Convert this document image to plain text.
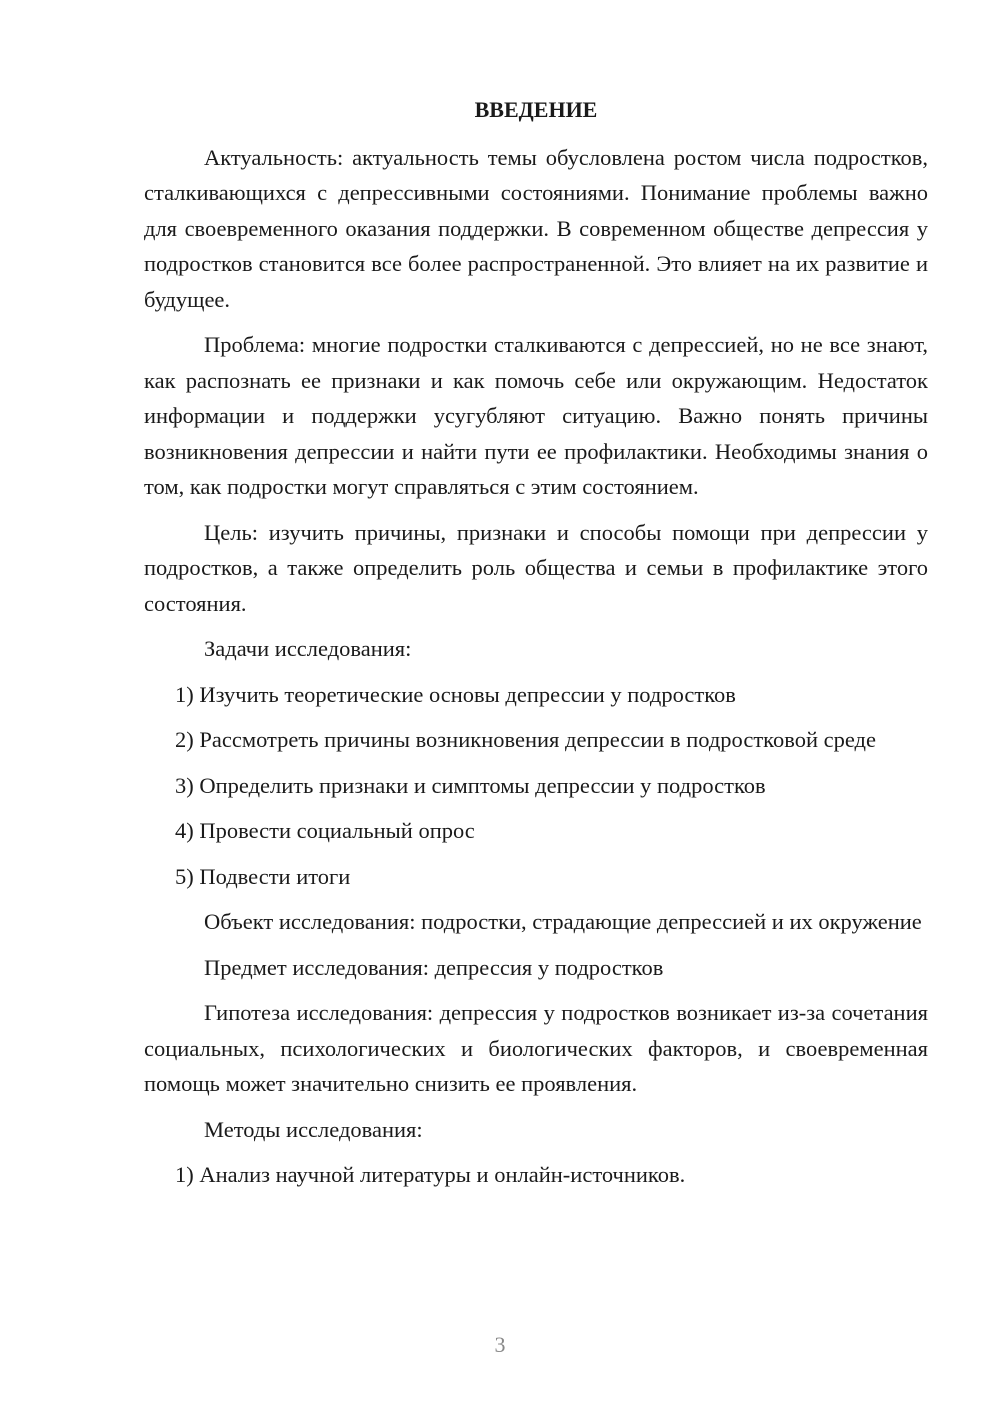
ВВЕДЕНИЕ

Актуальность: актуальность темы обусловлена ростом числа подростков, сталкивающихся с депрессивными состояниями. Понимание проблемы важно для своевременного оказания поддержки. В современном обществе депрессия у подростков становится все более распространенной. Это влияет на их развитие и будущее.

Проблема: многие подростки сталкиваются с депрессией, но не все знают, как распознать ее признаки и как помочь себе или окружающим. Недостаток информации и поддержки усугубляют ситуацию. Важно понять причины возникновения депрессии и найти пути ее профилактики. Необходимы знания о том, как подростки могут справляться с этим состоянием.

Цель: изучить причины, признаки и способы помощи при депрессии у подростков, а также определить роль общества и семьи в профилактике этого состояния.

Задачи исследования:

1) Изучить теоретические основы депрессии у подростков

2) Рассмотреть причины возникновения депрессии в подростковой среде

3) Определить признаки и симптомы депрессии у подростков

4) Провести социальный опрос

5) Подвести итоги

Объект исследования: подростки, страдающие депрессией и их окружение

Предмет исследования: депрессия у подростков

Гипотеза исследования: депрессия у подростков возникает из-за сочетания социальных, психологических и биологических факторов, и своевременная помощь может значительно снизить ее проявления.

Методы исследования:

1) Анализ научной литературы и онлайн-источников.

3
